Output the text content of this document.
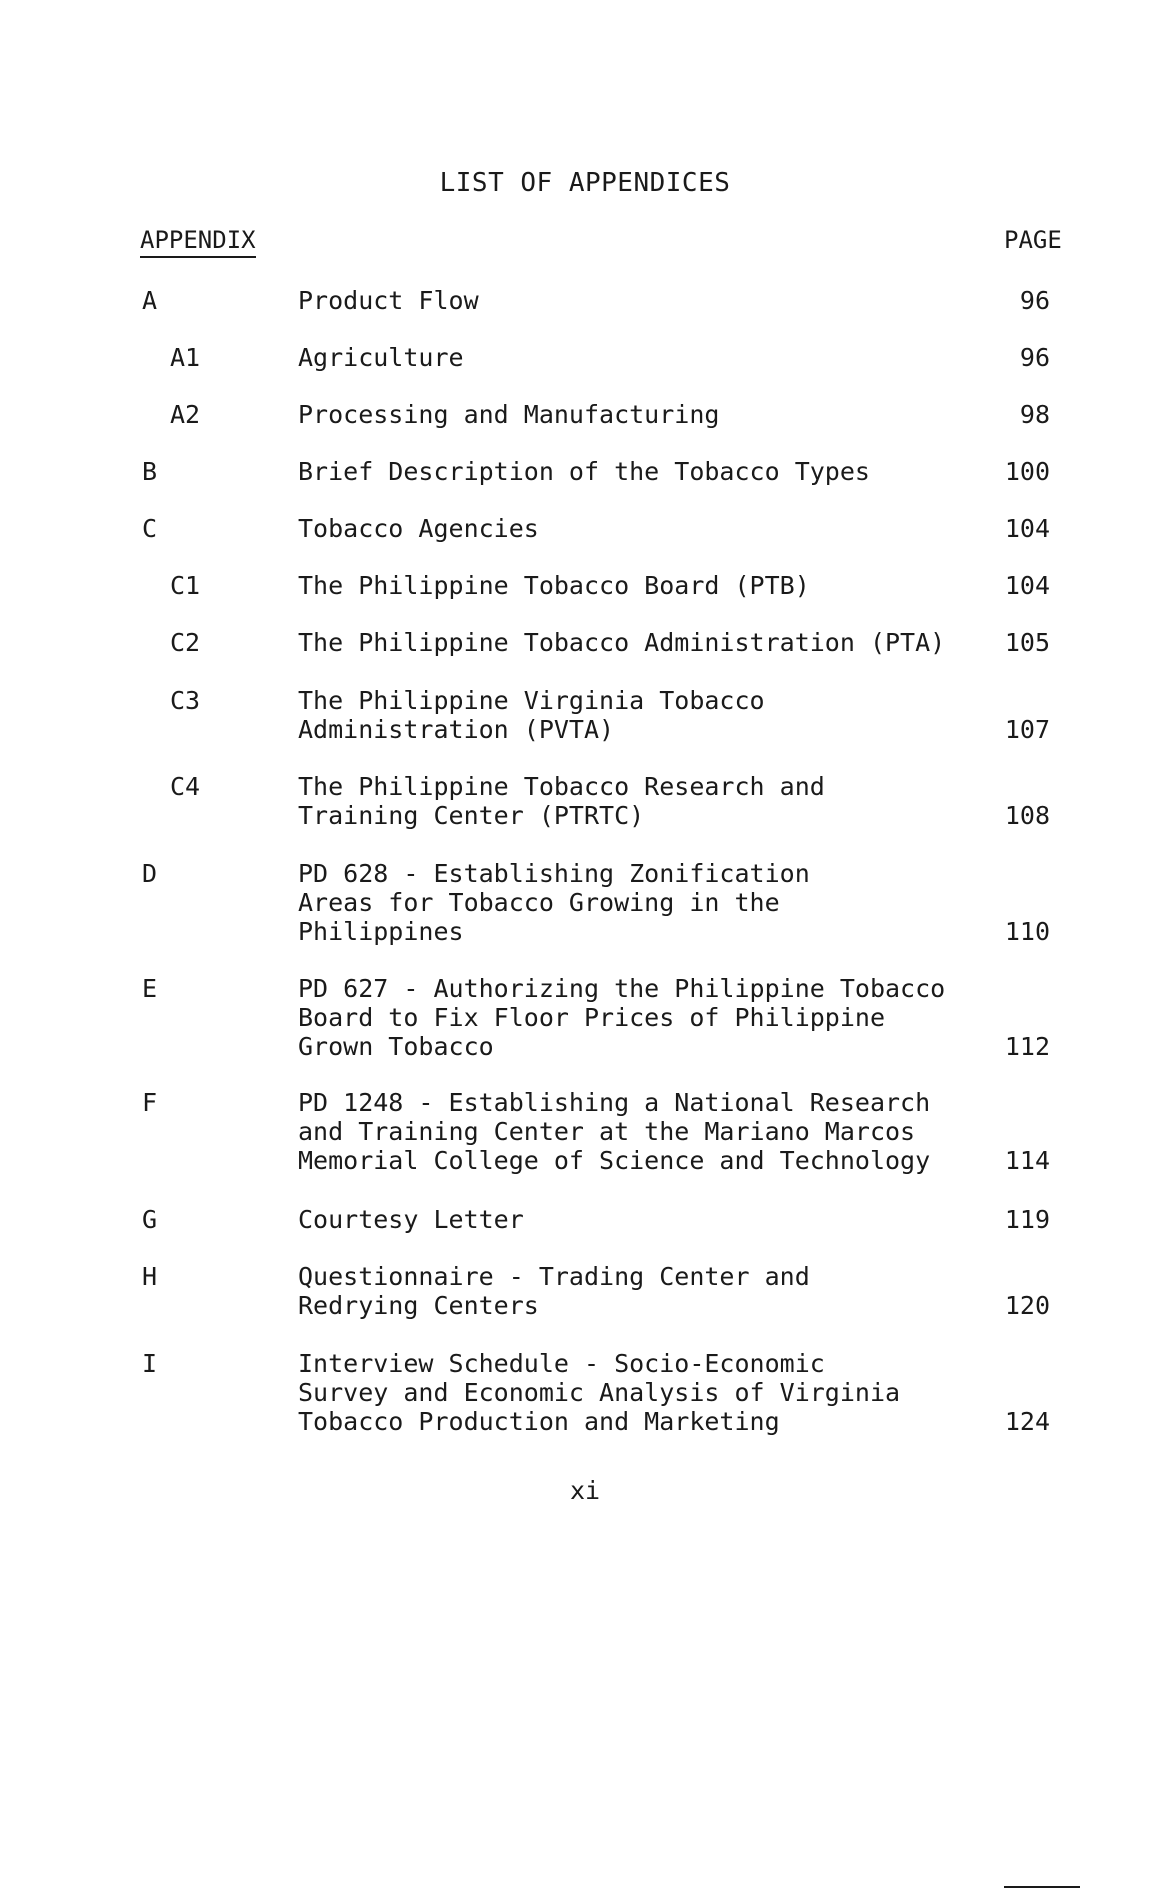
LIST OF APPENDICES
APPENDIX	PAGE
A	Product Flow	96
A1	Agriculture	96
A2	Processing and Manufacturing	98
B	Brief Description of the Tobacco Types	100
C	Tobacco Agencies	104
C1	The Philippine Tobacco Board (PTB)	104
C2	The Philippine Tobacco Administration (PTA)	105
C3	The Philippine Virginia Tobacco
Administration (PVTA)	107
C4	The Philippine Tobacco Research and
Training Center (PTRTC)	108
D	PD 628 - Establishing Zonification
Areas for Tobacco Growing in the
Philippines	110
E	PD 627 - Authorizing the Philippine Tobacco
Board to Fix Floor Prices of Philippine
Grown Tobacco	112
F	PD 1248 - Establishing a National Research
and Training Center at the Mariano Marcos
Memorial College of Science and Technology	114
G	Courtesy Letter	119
H	Questionnaire - Trading Center and
Redrying Centers	120
I	Interview Schedule - Socio-Economic
Survey and Economic Analysis of Virginia
Tobacco Production and Marketing	124
xi
